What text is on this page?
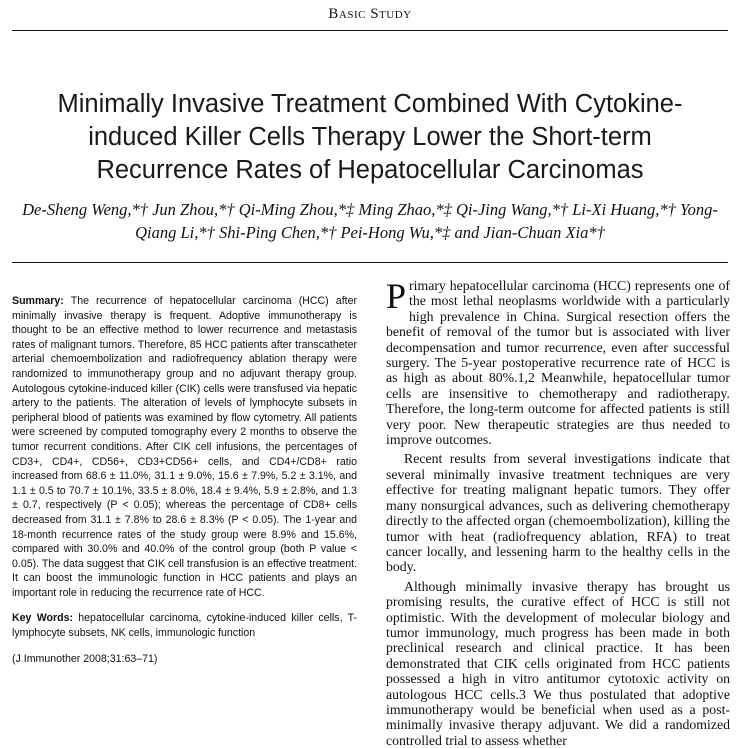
Basic Study
Minimally Invasive Treatment Combined With Cytokine-induced Killer Cells Therapy Lower the Short-term Recurrence Rates of Hepatocellular Carcinomas
De-Sheng Weng,*† Jun Zhou,*† Qi-Ming Zhou,*‡ Ming Zhao,*‡ Qi-Jing Wang,*† Li-Xi Huang,*† Yong-Qiang Li,*† Shi-Ping Chen,*† Pei-Hong Wu,*‡ and Jian-Chuan Xia*†

Summary: The recurrence of hepatocellular carcinoma (HCC) after minimally invasive therapy is frequent. Adoptive immunotherapy is thought to be an effective method to lower recurrence and metastasis rates of malignant tumors. Therefore, 85 HCC patients after transcatheter arterial chemoembolization and radiofrequency ablation therapy were randomized to immunotherapy group and no adjuvant therapy group. Autologous cytokine-induced killer (CIK) cells were transfused via hepatic artery to the patients. The alteration of levels of lymphocyte subsets in peripheral blood of patients was examined by flow cytometry. All patients were screened by computed tomography every 2 months to observe the tumor recurrent conditions. After CIK cell infusions, the percentages of CD3+, CD4+, CD56+, CD3+CD56+ cells, and CD4+/CD8+ ratio increased from 68.6 ± 11.0%, 31.1 ± 9.0%, 15.6 ± 7.9%, 5.2 ± 3.1%, and 1.1 ± 0.5 to 70.7 ± 10.1%, 33.5 ± 8.0%, 18.4 ± 9.4%, 5.9 ± 2.8%, and 1.3 ± 0.7, respectively (P < 0.05); whereas the percentage of CD8+ cells decreased from 31.1 ± 7.8% to 28.6 ± 8.3% (P < 0.05). The 1-year and 18-month recurrence rates of the study group were 8.9% and 15.6%, compared with 30.0% and 40.0% of the control group (both P value < 0.05). The data suggest that CIK cell transfusion is an effective treatment. It can boost the immunologic function in HCC patients and plays an important role in reducing the recurrence rate of HCC.

Key Words: hepatocellular carcinoma, cytokine-induced killer cells, T-lymphocyte subsets, NK cells, immunologic function

(J Immunother 2008;31:63–71)

Primary hepatocellular carcinoma (HCC) represents one of the most lethal neoplasms worldwide with a particularly high prevalence in China. Surgical resection offers the benefit of removal of the tumor but is associated with liver decompensation and tumor recurrence, even after successful surgery. The 5-year postoperative recurrence rate of HCC is as high as about 80%.1,2 Meanwhile, hepatocellular tumor cells are insensitive to chemotherapy and radiotherapy. Therefore, the long-term outcome for affected patients is still very poor. New therapeutic strategies are thus needed to improve outcomes.

Recent results from several investigations indicate that several minimally invasive treatment techniques are very effective for treating malignant hepatic tumors. They offer many nonsurgical advances, such as delivering chemotherapy directly to the affected organ (chemoembolization), killing the tumor with heat (radiofrequency ablation, RFA) to treat cancer locally, and lessening harm to the healthy cells in the body.

Although minimally invasive therapy has brought us promising results, the curative effect of HCC is still not optimistic. With the development of molecular biology and tumor immunology, much progress has been made in both preclinical research and clinical practice. It has been demonstrated that CIK cells originated from HCC patients possessed a high in vitro antitumor cytotoxic activity on autologous HCC cells.3 We thus postulated that adoptive immunotherapy would be beneficial when used as a post-minimally invasive therapy adjuvant. We did a randomized controlled trial to assess whether
